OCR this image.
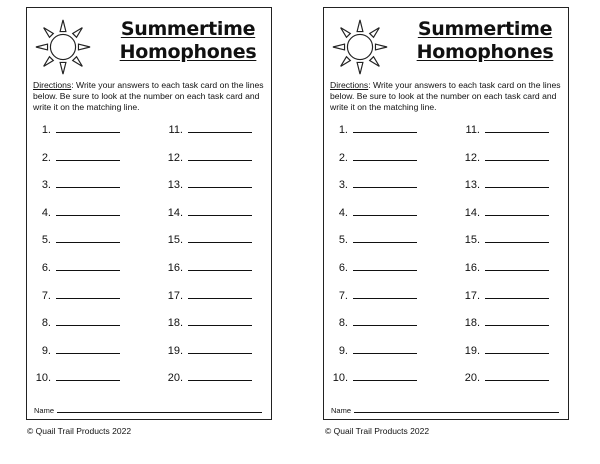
Summertime
Homophones
Directions: Write your answers to each task card on the lines below. Be sure to look at the number on each task card and write it on the matching line.
1.
2.
3.
4.
5.
6.
7.
8.
9.
10.
11.
12.
13.
14.
15.
16.
17.
18.
19.
20.
Name
Summertime
Homophones
Directions: Write your answers to each task card on the lines below. Be sure to look at the number on each task card and write it on the matching line.
1.
2.
3.
4.
5.
6.
7.
8.
9.
10.
11.
12.
13.
14.
15.
16.
17.
18.
19.
20.
Name
© Quail Trail Products 2022	© Quail Trail Products 2022
